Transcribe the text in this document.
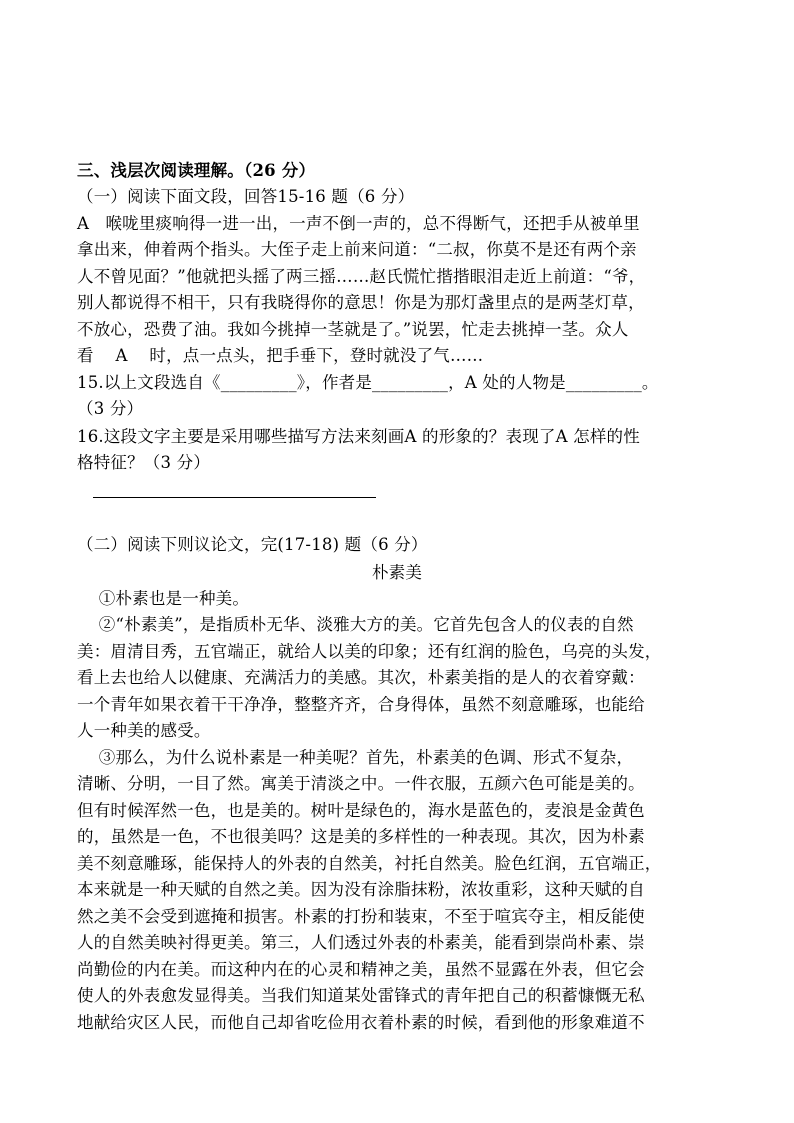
三、浅层次阅读理解。（26 分）
（一）阅读下面文段，回答15-16 题（6 分）
A   喉咙里痰响得一进一出，一声不倒一声的，总不得断气，还把手从被单里
拿出来，伸着两个指头。大侄子走上前来问道：“二叔，你莫不是还有两个亲
人不曾见面？”他就把头摇了两三摇……赵氏慌忙揩揩眼泪走近上前道：“爷，
别人都说得不相干，只有我晓得你的意思！你是为那灯盏里点的是两茎灯草，
不放心，恐费了油。我如今挑掉一茎就是了。”说罢，忙走去挑掉一茎。众人
看    A    时，点一点头，把手垂下，登时就没了气……
15.以上文段选自《_________》，作者是_________，A 处的人物是_________。
（3 分）
16.这段文字主要是采用哪些描写方法来刻画A 的形象的？表现了A 怎样的性
格特征？（3 分）
（二）阅读下则议论文，完(17-18) 题（6 分）
朴素美
①朴素也是一种美。
②“朴素美”，是指质朴无华、淡雅大方的美。它首先包含人的仪表的自然
美：眉清目秀，五官端正，就给人以美的印象；还有红润的脸色，乌亮的头发，
看上去也给人以健康、充满活力的美感。其次，朴素美指的是人的衣着穿戴：
一个青年如果衣着干干净净，整整齐齐，合身得体，虽然不刻意雕琢，也能给
人一种美的感受。
③那么，为什么说朴素是一种美呢？首先，朴素美的色调、形式不复杂，
清晰、分明，一目了然。寓美于清淡之中。一件衣服，五颜六色可能是美的。
但有时候浑然一色，也是美的。树叶是绿色的，海水是蓝色的，麦浪是金黄色
的，虽然是一色，不也很美吗？这是美的多样性的一种表现。其次，因为朴素
美不刻意雕琢，能保持人的外表的自然美，衬托自然美。脸色红润，五官端正，
本来就是一种天赋的自然之美。因为没有涂脂抹粉，浓妆重彩，这种天赋的自
然之美不会受到遮掩和损害。朴素的打扮和装束，不至于喧宾夺主，相反能使
人的自然美映衬得更美。第三，人们透过外表的朴素美，能看到崇尚朴素、崇
尚勤俭的内在美。而这种内在的心灵和精神之美，虽然不显露在外表，但它会
使人的外表愈发显得美。当我们知道某处雷锋式的青年把自己的积蓄慷慨无私
地献给灾区人民，而他自己却省吃俭用衣着朴素的时候，看到他的形象难道不
